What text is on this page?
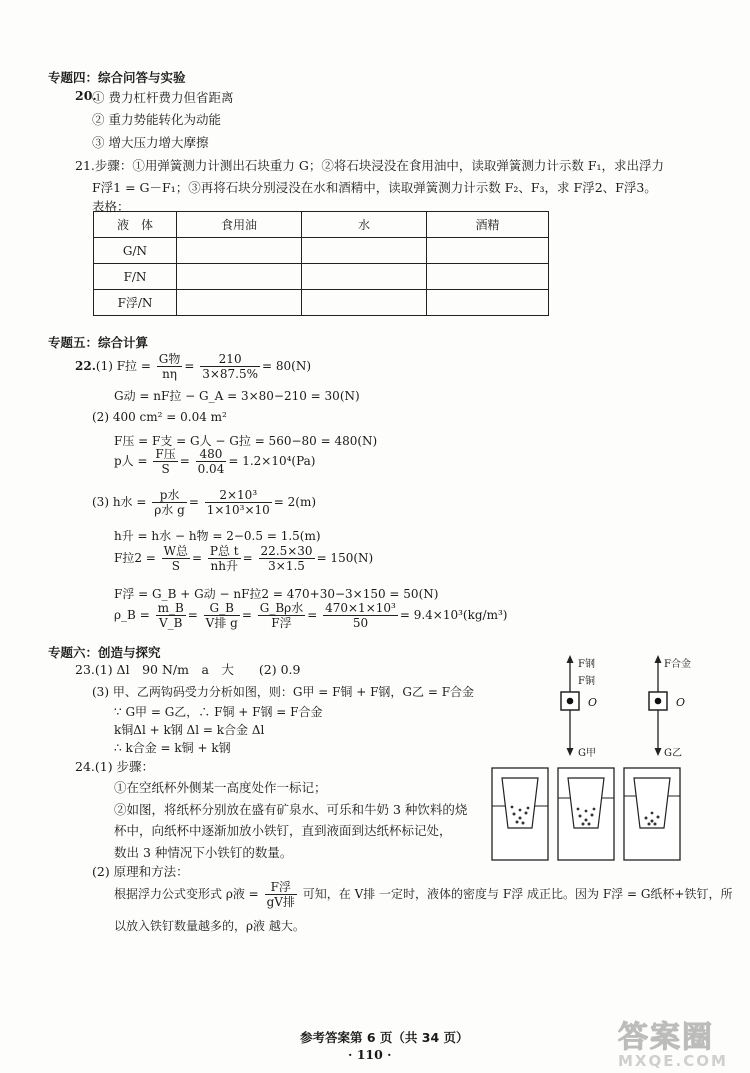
专题四：综合问答与实验
20.
① 费力杠杆费力但省距离
② 重力势能转化为动能
③ 增大压力增大摩擦
21.步骤：①用弹簧测力计测出石块重力 G；②将石块浸没在食用油中，读取弹簧测力计示数 F₁，求出浮力
F浮1 = G－F₁；③再将石块分别浸没在水和酒精中，读取弹簧测力计示数 F₂、F₃，求 F浮2、F浮3。
表格：
液　体	食用油	水	酒精
G/N			
F/N			
F浮/N			
专题五：综合计算
22.(1) F拉 = $\frac{\text{G物}}{n\eta} = \frac{210}{3\times 87.5\%} = 80(N)$
G动 = nF拉 − G_A = 3×80−210 = 30(N)
(2) 400 cm² = 0.04 m²
F压 = F支 = G人 − G拉 = 560−80 = 480(N)
p人 = $\frac{\text{F压}}{S} = \frac{480}{0.04} = 1.2\times 10^4(Pa)$
(3) h水 = $\frac{\text{p水}}{\text{ρ水 g}} = \frac{\text{2×10³}}{\text{1×10³×10}} = 2(m)$
h升 = h水 − h物 = 2−0.5 = 1.5(m)
F拉$2 = \frac{\text{W总}}{S} = \frac{\text{P总 t}}{\text{nh升}} = \frac{22.5\times 30}{3\times 1.5} = 150(N)$
F浮 = G_B + G动 − nF拉2 = 470+30−3×150 = 50(N)
ρ_B = $\frac{m\_B}{V\_B} = \frac{G\_B}{\text{V排 g}} = \frac{\text{G\_Bρ水}}{\text{F浮}} = \frac{\text{470×1×10³}}{50} = 9.4\times 10^3(kg/m^3)$
专题六：创造与探究
23.(1) Δl　90 N/m　a　大　　(2) 0.9
(3) 甲、乙两钩码受力分析如图，则：G甲 = F铜 + F钢，G乙 = F合金
∵ G甲 = G乙，∴ F铜 + F钢 = F合金
k铜Δl + k钢 Δl = k合金 Δl
∴ k合金 = k铜 + k钢
F钢
F铜
O
G甲
F合金
O
G乙
24.(1) 步骤：
①在空纸杯外侧某一高度处作一标记；
②如图，将纸杯分别放在盛有矿泉水、可乐和牛奶 3 种饮料的烧
杯中，向纸杯中逐渐加放小铁钉，直到液面到达纸杯标记处，
数出 3 种情况下小铁钉的数量。
(2) 原理和方法：
根据浮力公式变形式 ρ液 = $\frac{\text{F浮}}{\text{gV排}}$ 可知，在 V排 一定时，液体的密度与 F浮 成正比。因为 F浮 = G纸杯+铁钉，所
以放入铁钉数量越多的，ρ液 越大。
参考答案第 6 页（共 34 页）
· 110 ·	答案圈
MXQE.COM
